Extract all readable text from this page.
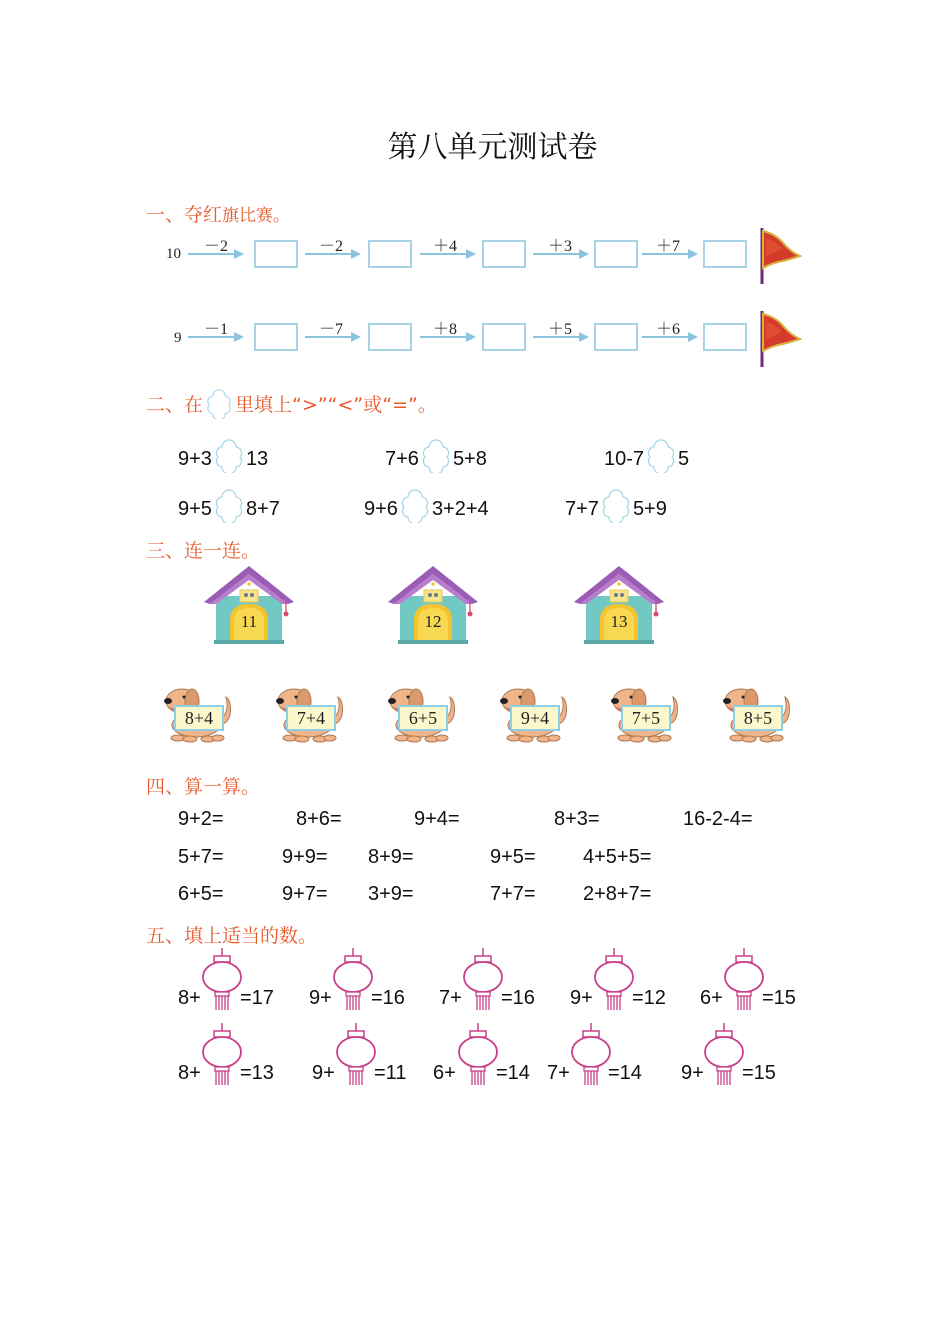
第八单元测试卷
一、夺红旗比赛。
10	－2	－2	＋4	＋3	＋7
9	－1	－7	＋8	＋5	＋6
二、在 里填上“>”“<”或“=”。
9+3 13	7+6 5+8	10-7 5
9+5 8+7	9+6 3+2+4	7+7 5+9
三、连一连。
11	12	13
8+4	7+4	6+5	9+4	7+5	8+5
四、算一算。
9+2=	8+6=	9+4=	8+3=	16-2-4=
5+7=	9+9= 8+9=	9+5= 4+5+5=
6+5=	9+7= 3+9=	7+7= 2+8+7=
五、填上适当的数。
8+ =17 9+ =16 7+ =16 9+ =12 6+ =15
8+ =13 9+ =11 6+ =14 7+ =14 9+ =15
